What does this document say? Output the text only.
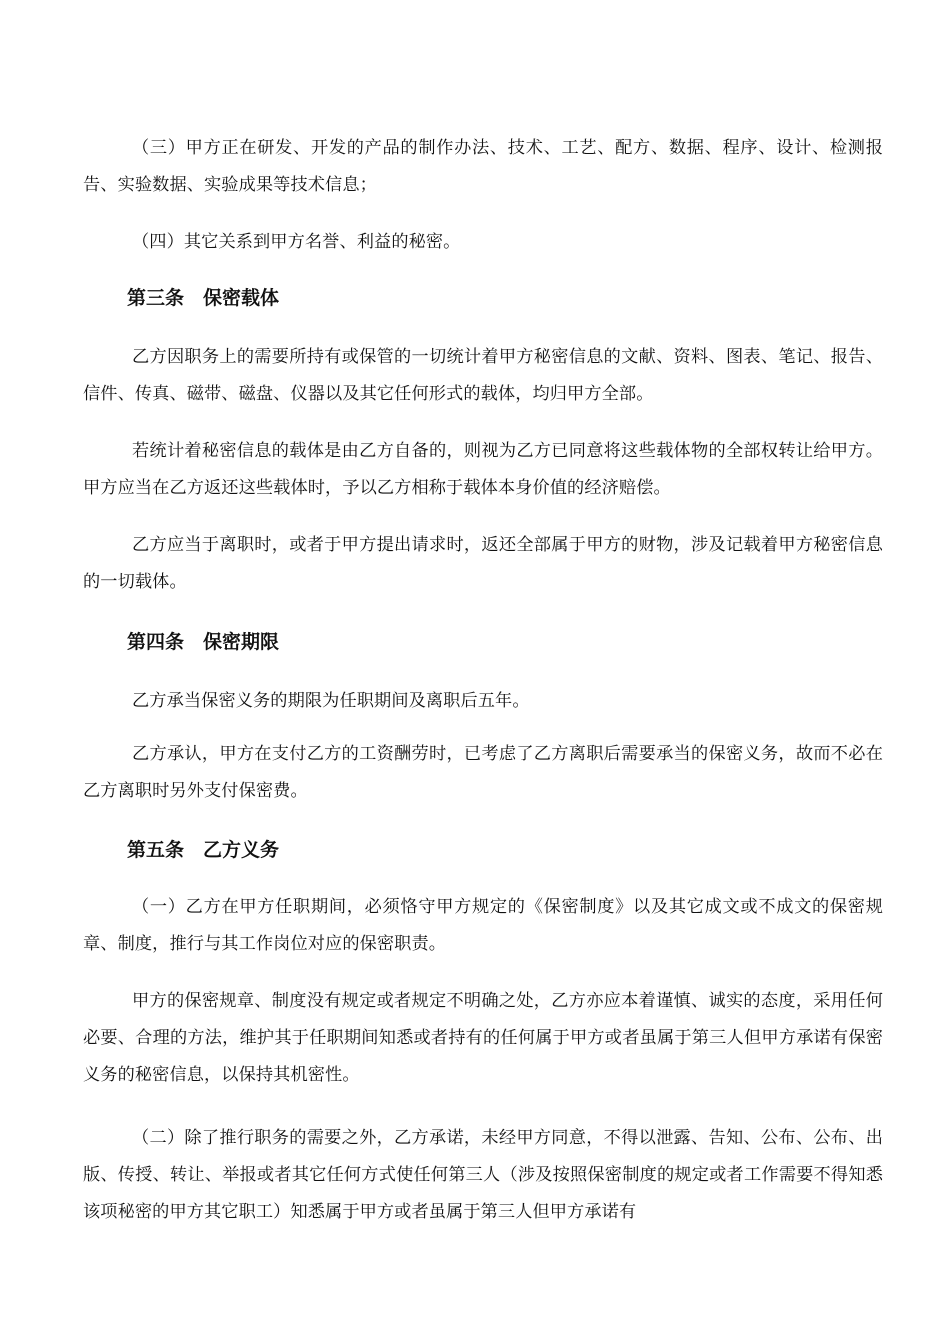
（三）甲方正在研发、开发的产品的制作办法、技术、工艺、配方、数据、程序、设计、检测报告、实验数据、实验成果等技术信息；

（四）其它关系到甲方名誉、利益的秘密。

第三条　保密载体

乙方因职务上的需要所持有或保管的一切统计着甲方秘密信息的文献、资料、图表、笔记、报告、信件、传真、磁带、磁盘、仪器以及其它任何形式的载体，均归甲方全部。

若统计着秘密信息的载体是由乙方自备的，则视为乙方已同意将这些载体物的全部权转让给甲方。甲方应当在乙方返还这些载体时，予以乙方相称于载体本身价值的经济赔偿。

乙方应当于离职时，或者于甲方提出请求时，返还全部属于甲方的财物，涉及记载着甲方秘密信息的一切载体。

第四条　保密期限

乙方承当保密义务的期限为任职期间及离职后五年。

乙方承认，甲方在支付乙方的工资酬劳时，已考虑了乙方离职后需要承当的保密义务，故而不必在乙方离职时另外支付保密费。

第五条　乙方义务

（一）乙方在甲方任职期间，必须恪守甲方规定的《保密制度》以及其它成文或不成文的保密规章、制度，推行与其工作岗位对应的保密职责。

甲方的保密规章、制度没有规定或者规定不明确之处，乙方亦应本着谨慎、诚实的态度，采用任何必要、合理的方法，维护其于任职期间知悉或者持有的任何属于甲方或者虽属于第三人但甲方承诺有保密义务的秘密信息，以保持其机密性。

（二）除了推行职务的需要之外，乙方承诺，未经甲方同意，不得以泄露、告知、公布、公布、出版、传授、转让、举报或者其它任何方式使任何第三人（涉及按照保密制度的规定或者工作需要不得知悉该项秘密的甲方其它职工）知悉属于甲方或者虽属于第三人但甲方承诺有
